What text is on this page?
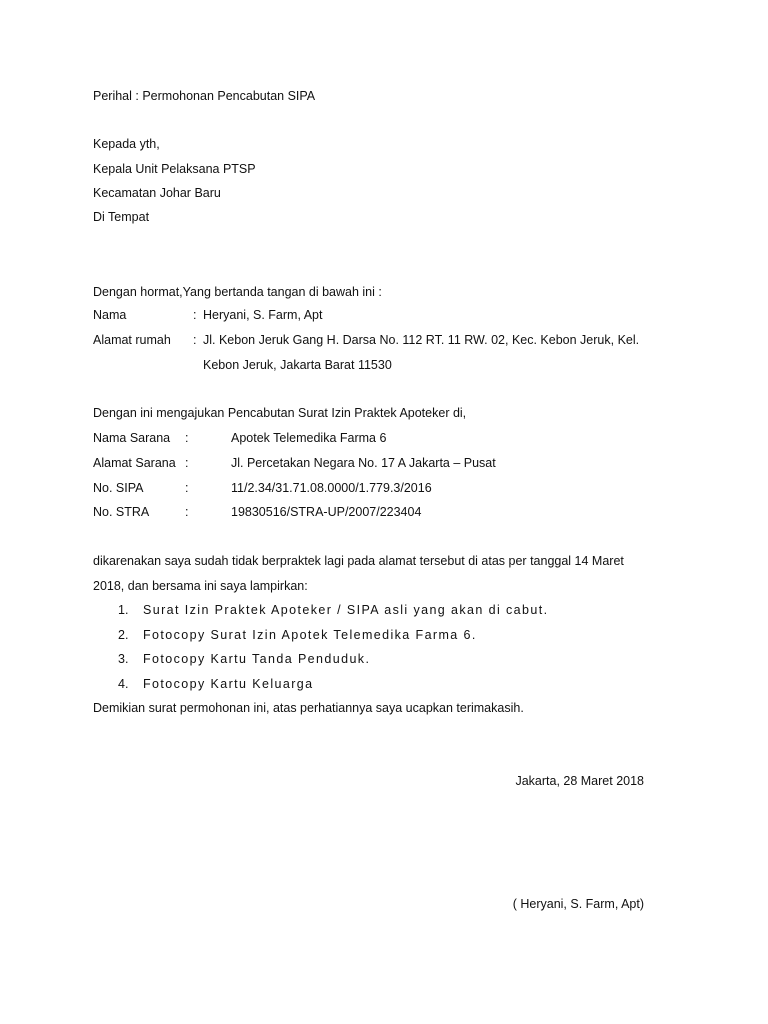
Perihal : Permohonan Pencabutan SIPA
Kepada yth,
Kepala Unit Pelaksana PTSP
Kecamatan Johar Baru
Di Tempat
Dengan hormat,Yang bertanda tangan di bawah ini :
Nama	: Heryani, S. Farm, Apt
Alamat rumah : Jl. Kebon Jeruk Gang H. Darsa No. 112 RT. 11 RW. 02, Kec. Kebon Jeruk, Kel.
Kebon Jeruk, Jakarta Barat 11530
Dengan ini mengajukan Pencabutan Surat Izin Praktek Apoteker di,
Nama Sarana :	Apotek Telemedika Farma 6
Alamat Sarana :	Jl. Percetakan Negara No. 17 A Jakarta – Pusat
No. SIPA	:	11/2.34/31.71.08.0000/1.779.3/2016
No. STRA	:	19830516/STRA-UP/2007/223404
dikarenakan saya sudah tidak berpraktek lagi pada alamat tersebut di atas per tanggal 14 Maret
2018, dan bersama ini saya lampirkan:
1. Surat Izin Praktek Apoteker / SIPA asli yang akan di cabut.
2. Fotocopy Surat Izin Apotek Telemedika Farma 6.
3. Fotocopy Kartu Tanda Penduduk.
4. Fotocopy Kartu Keluarga
Demikian surat permohonan ini, atas perhatiannya saya ucapkan terimakasih.
Jakarta, 28 Maret 2018
( Heryani, S. Farm, Apt)
